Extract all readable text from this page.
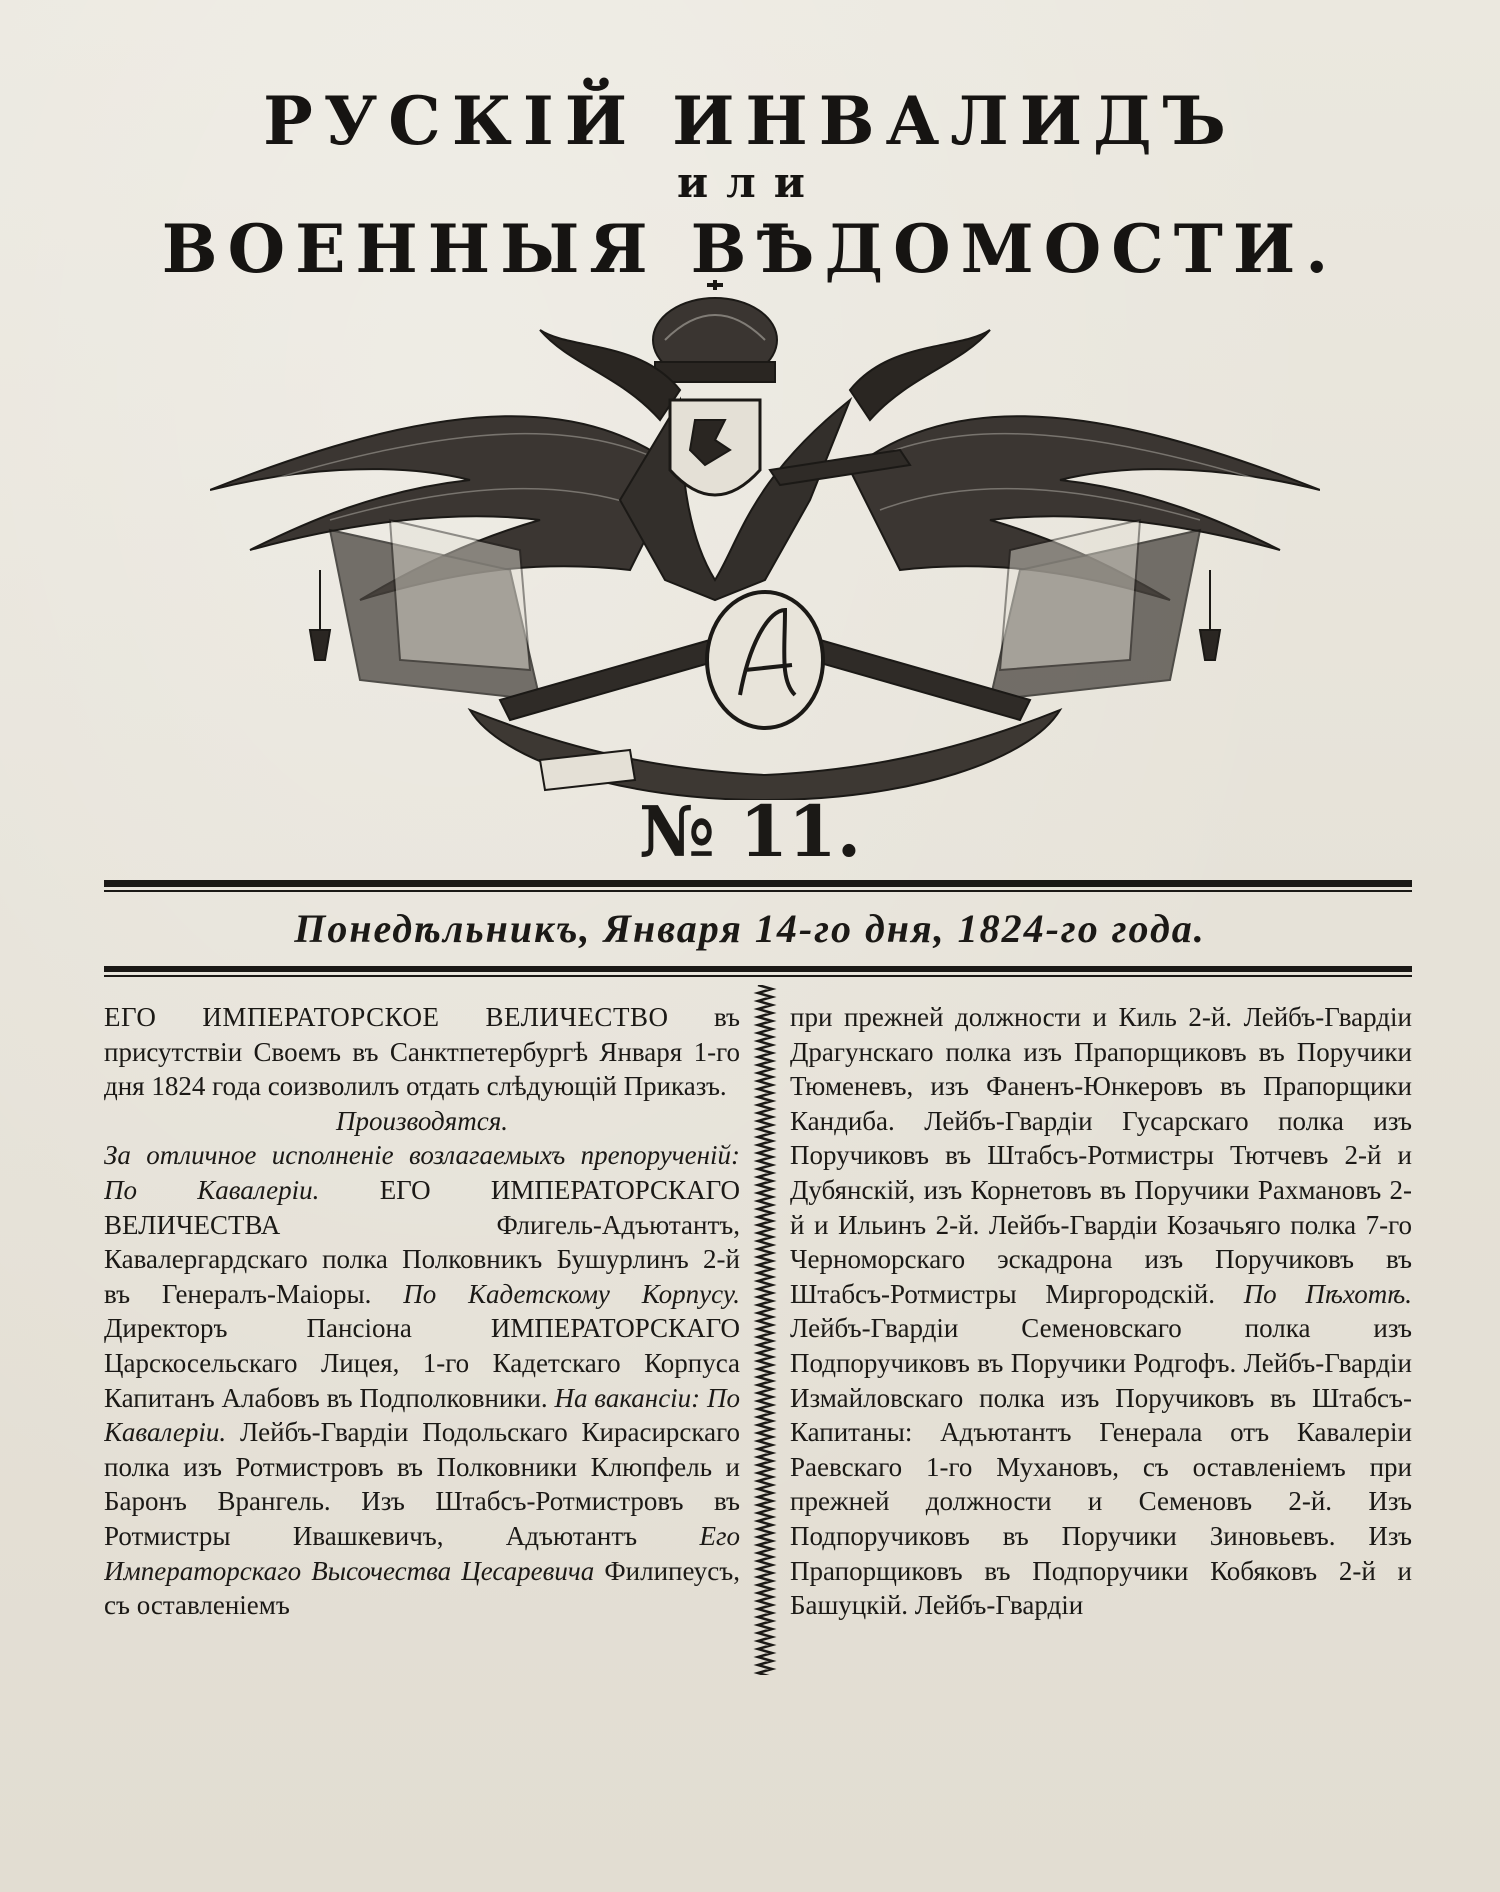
РУСКІЙ ИНВАЛИДЪ
или
ВОЕННЫЯ ВѢДОМОСТИ.
№ 11.
Понедѣльникъ, Января 14-го дня, 1824-го года.

ЕГО ИМПЕРАТОРСКОЕ ВЕЛИЧЕСТВО въ присутствіи Своемъ въ Санктпетербургѣ Января 1-го дня 1824 года соизволилъ отдать слѣдующій Приказъ.

Производятся.

За отличное исполненіе возлагаемыхъ препорученій: По Кавалеріи. ЕГО ИМПЕРАТОРСКАГО ВЕЛИЧЕСТВА Флигель-Адъютантъ, Кавалергардскаго полка Полковникъ Бушурлинъ 2-й въ Генералъ-Маіоры. По Кадетскому Корпусу. Директоръ Пансіона ИМПЕРАТОРСКАГО Царскосельскаго Лицея, 1-го Кадетскаго Корпуса Капитанъ Алабовъ въ Подполковники. На вакансіи: По Кавалеріи. Лейбъ-Гвардіи Подольскаго Кирасирскаго полка изъ Ротмистровъ въ Полковники Клюпфель и Баронъ Врангель. Изъ Штабсъ-Ротмистровъ въ Ротмистры Ивашкевичъ, Адъютантъ Его Императорскаго Высочества Цесаревича Филипеусъ, съ оставленіемъ

при прежней должности и Киль 2-й. Лейбъ-Гвардіи Драгунскаго полка изъ Прапорщиковъ въ Поручики Тюменевъ, изъ Фаненъ-Юнкеровъ въ Прапорщики Кандиба. Лейбъ-Гвардіи Гусарскаго полка изъ Поручиковъ въ Штабсъ-Ротмистры Тютчевъ 2-й и Дубянскій, изъ Корнетовъ въ Поручики Рахмановъ 2-й и Ильинъ 2-й. Лейбъ-Гвардіи Козачьяго полка 7-го Черноморскаго эскадрона изъ Поручиковъ въ Штабсъ-Ротмистры Миргородскій. По Пѣхотѣ. Лейбъ-Гвардіи Семеновскаго полка изъ Подпоручиковъ въ Поручики Родгофъ. Лейбъ-Гвардіи Измайловскаго полка изъ Поручиковъ въ Штабсъ-Капитаны: Адъютантъ Генерала отъ Кавалеріи Раевскаго 1-го Мухановъ, съ оставленіемъ при прежней должности и Семеновъ 2-й. Изъ Подпоручиковъ въ Поручики Зиновьевъ. Изъ Прапорщиковъ въ Подпоручики Кобяковъ 2-й и Башуцкій. Лейбъ-Гвардіи
